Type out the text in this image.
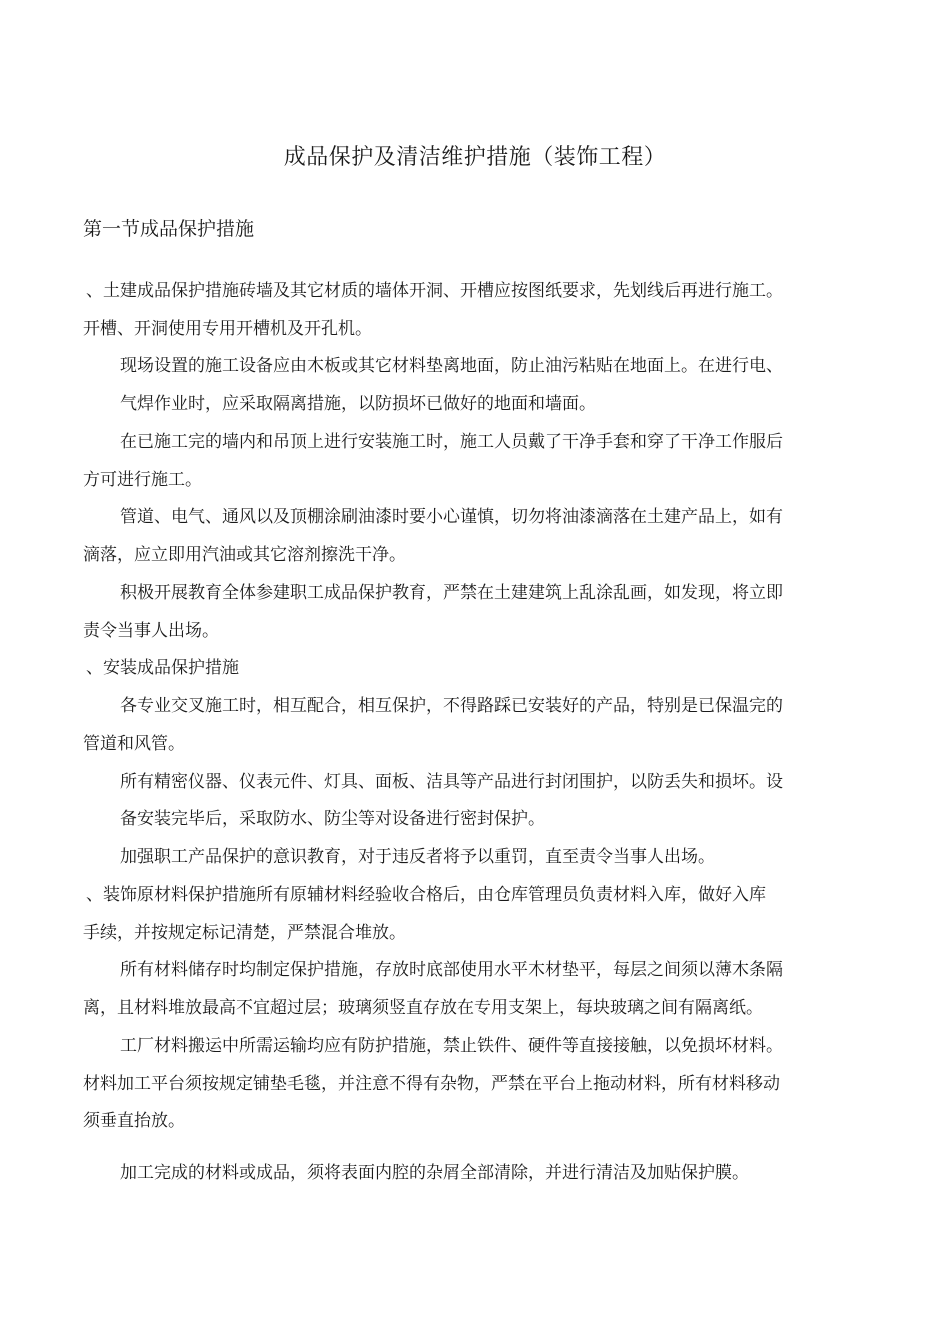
成品保护及清洁维护措施（装饰工程）
第一节成品保护措施
、土建成品保护措施砖墙及其它材质的墙体开洞、开槽应按图纸要求，先划线后再进行施工。
开槽、开洞使用专用开槽机及开孔机。
现场设置的施工设备应由木板或其它材料垫离地面，防止油污粘贴在地面上。在进行电、
气焊作业时，应采取隔离措施，以防损坏已做好的地面和墙面。
在已施工完的墙内和吊顶上进行安装施工时，施工人员戴了干净手套和穿了干净工作服后
方可进行施工。
管道、电气、通风以及顶棚涂刷油漆时要小心谨慎，切勿将油漆滴落在土建产品上，如有
滴落，应立即用汽油或其它溶剂擦洗干净。
积极开展教育全体参建职工成品保护教育，严禁在土建建筑上乱涂乱画，如发现，将立即
责令当事人出场。
、安装成品保护措施
各专业交叉施工时，相互配合，相互保护，不得路踩已安装好的产品，特别是已保温完的
管道和风管。
所有精密仪器、仪表元件、灯具、面板、洁具等产品进行封闭围护，以防丢失和损坏。设
备安装完毕后，采取防水、防尘等对设备进行密封保护。
加强职工产品保护的意识教育，对于违反者将予以重罚，直至责令当事人出场。
、装饰原材料保护措施所有原辅材料经验收合格后，由仓库管理员负责材料入库，做好入库
手续，并按规定标记清楚，严禁混合堆放。
所有材料储存时均制定保护措施，存放时底部使用水平木材垫平，每层之间须以薄木条隔
离，且材料堆放最高不宜超过层；玻璃须竖直存放在专用支架上，每块玻璃之间有隔离纸。
工厂材料搬运中所需运输均应有防护措施，禁止铁件、硬件等直接接触，以免损坏材料。
材料加工平台须按规定铺垫毛毯，并注意不得有杂物，严禁在平台上拖动材料，所有材料移动
须垂直抬放。
加工完成的材料或成品，须将表面内腔的杂屑全部清除，并进行清洁及加贴保护膜。
